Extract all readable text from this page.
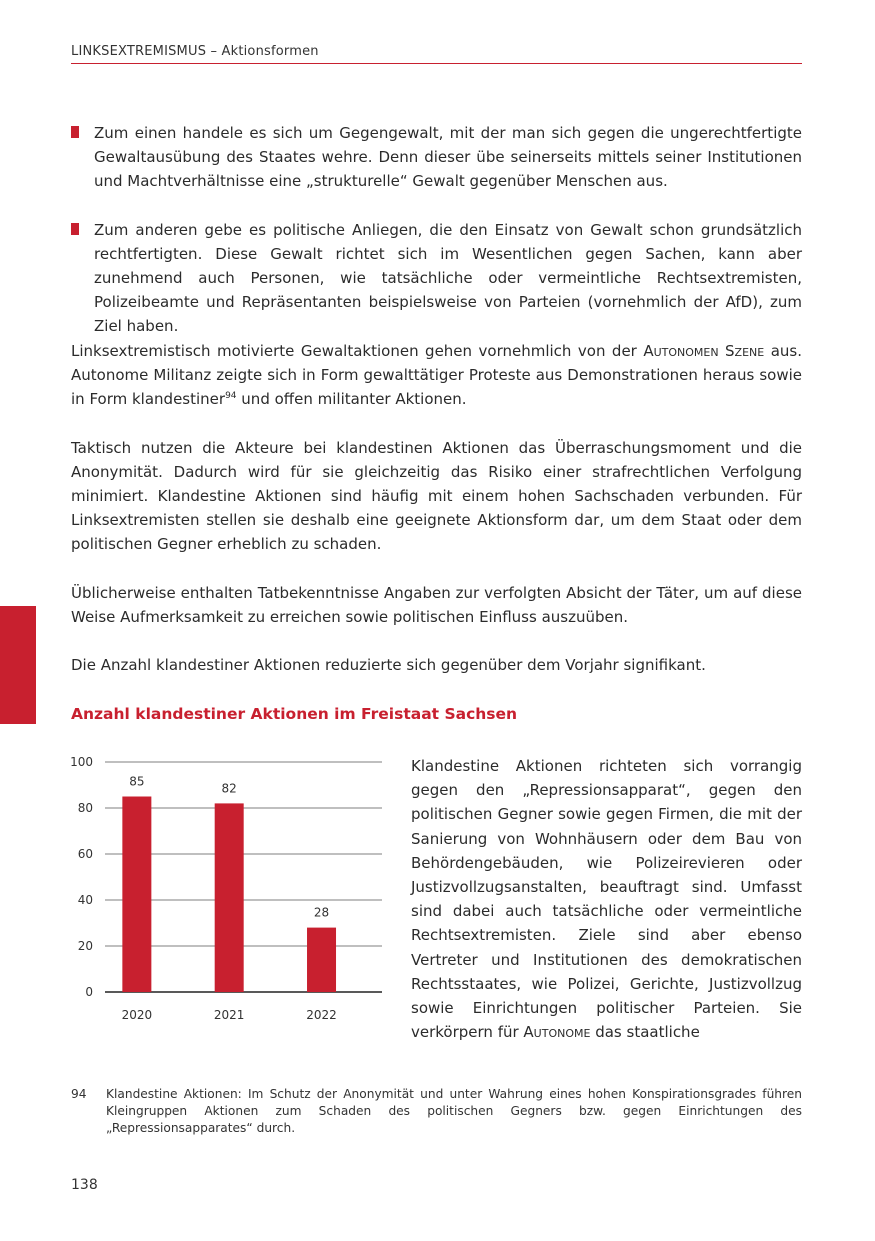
LINKSEXTREMISMUS – Aktionsformen
Zum einen handele es sich um Gegengewalt, mit der man sich gegen die ungerechtfertigte Gewaltausübung des Staates wehre. Denn dieser übe seinerseits mittels seiner Institutionen und Machtverhältnisse eine „strukturelle“ Gewalt gegenüber Menschen aus.
Zum anderen gebe es politische Anliegen, die den Einsatz von Gewalt schon grundsätzlich rechtfertigten. Diese Gewalt richtet sich im Wesentlichen gegen Sachen, kann aber zunehmend auch Personen, wie tatsächliche oder vermeintliche Rechtsextremisten, Polizeibeamte und Repräsentanten beispielsweise von Parteien (vornehmlich der AfD), zum Ziel haben.

Linksextremistisch motivierte Gewaltaktionen gehen vornehmlich von der Autonomen Szene aus. Autonome Militanz zeigte sich in Form gewalttätiger Proteste aus Demonstrationen heraus sowie in Form klandestiner$^{94}$ und offen militanter Aktionen.

Taktisch nutzen die Akteure bei klandestinen Aktionen das Überraschungsmoment und die Anonymität. Dadurch wird für sie gleichzeitig das Risiko einer strafrechtlichen Verfolgung minimiert. Klandestine Aktionen sind häufig mit einem hohen Sachschaden verbunden. Für Linksextremisten stellen sie deshalb eine geeignete Aktionsform dar, um dem Staat oder dem politischen Gegner erheblich zu schaden.

Üblicherweise enthalten Tatbekenntnisse Angaben zur verfolgten Absicht der Täter, um auf diese Weise Aufmerksamkeit zu erreichen sowie politischen Einfluss auszuüben.

Die Anzahl klandestiner Aktionen reduzierte sich gegenüber dem Vorjahr signifikant.

Anzahl klandestiner Aktionen im Freistaat Sachsen
0
20
40
60
80
100
85
2020
82
2021
28
2022
Klandestine Aktionen richteten sich vorrangig gegen den „Repressionsapparat“, gegen den politischen Gegner sowie gegen Firmen, die mit der Sanierung von Wohnhäusern oder dem Bau von Behördengebäuden, wie Polizeirevieren oder Justizvollzugsanstalten, beauftragt sind. Umfasst sind dabei auch tatsächliche oder vermeintliche Rechtsextremisten. Ziele sind aber ebenso Vertreter und Institutionen des demokratischen Rechtsstaates, wie Polizei, Gerichte, Justizvollzug sowie Einrichtungen politischer Parteien. Sie verkörpern für Autonome das staatliche
94 Klandestine Aktionen: Im Schutz der Anonymität und unter Wahrung eines hohen Konspirationsgrades führen Kleingruppen Aktionen zum Schaden des politischen Gegners bzw. gegen Einrichtungen des „Repressionsapparates“ durch.
138
